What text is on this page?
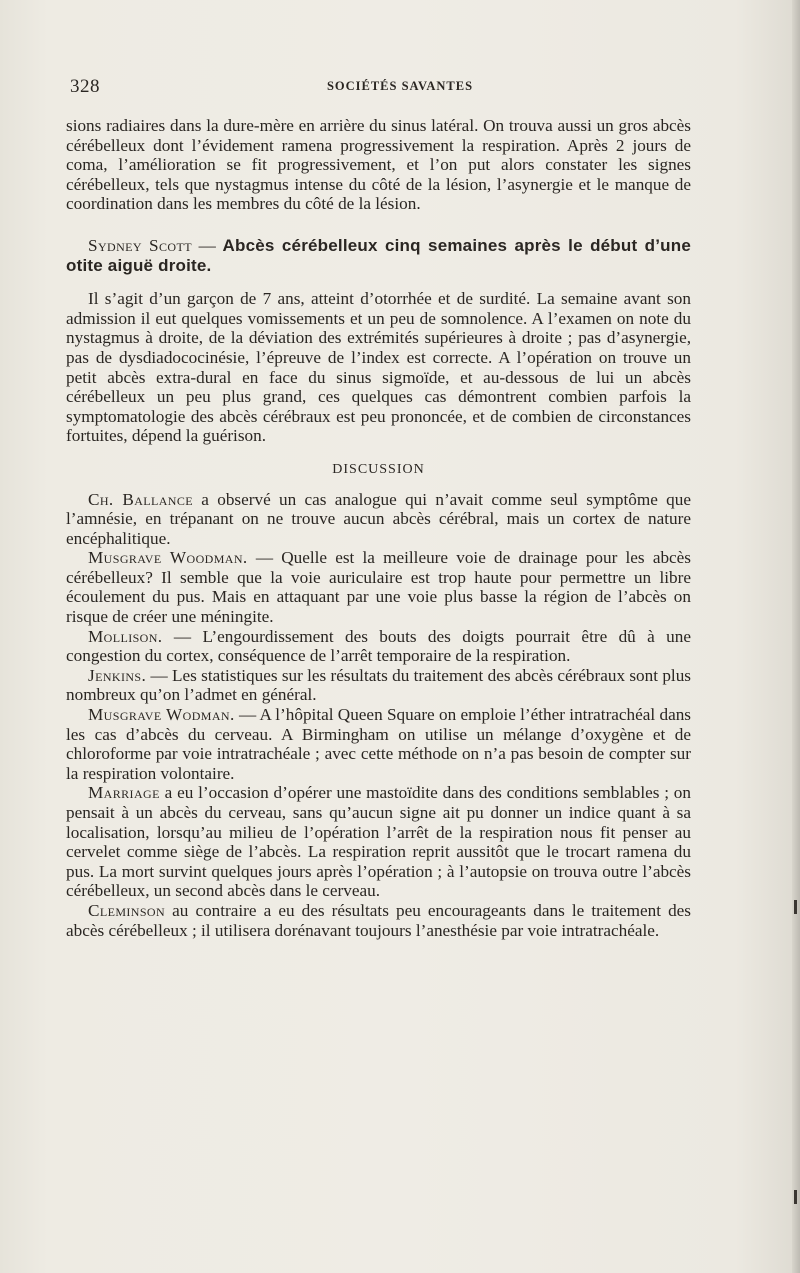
328	SOCIÉTÉS SAVANTES

sions radiaires dans la dure-mère en arrière du sinus latéral. On trouva aussi un gros abcès cérébelleux dont l’évidement ramena progressivement la respiration. Après 2 jours de coma, l’amélioration se fit progressivement, et l’on put alors constater les signes cérébelleux, tels que nystagmus intense du côté de la lésion, l’asynergie et le manque de coordination dans les membres du côté de la lésion.

Sydney Scott — Abcès cérébelleux cinq semaines après le début d’une otite aiguë droite.

Il s’agit d’un garçon de 7 ans, atteint d’otorrhée et de surdité. La semaine avant son admission il eut quelques vomissements et un peu de somnolence. A l’examen on note du nystagmus à droite, de la déviation des extrémités supérieures à droite ; pas d’asynergie, pas de dysdiadococinésie, l’épreuve de l’index est correcte. A l’opération on trouve un petit abcès extra-dural en face du sinus sigmoïde, et au-dessous de lui un abcès cérébelleux un peu plus grand, ces quelques cas démontrent combien parfois la symptomatologie des abcès cérébraux est peu prononcée, et de combien de circonstances fortuites, dépend la guérison.

DISCUSSION

Ch. Ballance a observé un cas analogue qui n’avait comme seul symptôme que l’amnésie, en trépanant on ne trouve aucun abcès cérébral, mais un cortex de nature encéphalitique.

Musgrave Woodman. — Quelle est la meilleure voie de drainage pour les abcès cérébelleux? Il semble que la voie auriculaire est trop haute pour permettre un libre écoulement du pus. Mais en attaquant par une voie plus basse la région de l’abcès on risque de créer une méningite.

Mollison. — L’engourdissement des bouts des doigts pourrait être dû à une congestion du cortex, conséquence de l’arrêt temporaire de la respiration.

Jenkins. — Les statistiques sur les résultats du traitement des abcès cérébraux sont plus nombreux qu’on l’admet en général.

Musgrave Wodman. — A l’hôpital Queen Square on emploie l’éther intratrachéal dans les cas d’abcès du cerveau. A Birmingham on utilise un mélange d’oxygène et de chloroforme par voie intratrachéale ; avec cette méthode on n’a pas besoin de compter sur la respiration volontaire.

Marriage a eu l’occasion d’opérer une mastoïdite dans des conditions semblables ; on pensait à un abcès du cerveau, sans qu’aucun signe ait pu donner un indice quant à sa localisation, lorsqu’au milieu de l’opération l’arrêt de la respiration nous fit penser au cervelet comme siège de l’abcès. La respiration reprit aussitôt que le trocart ramena du pus. La mort survint quelques jours après l’opération ; à l’autopsie on trouva outre l’abcès cérébelleux, un second abcès dans le cerveau.

Cleminson au contraire a eu des résultats peu encourageants dans le traitement des abcès cérébelleux ; il utilisera dorénavant toujours l’anesthésie par voie intratrachéale.
